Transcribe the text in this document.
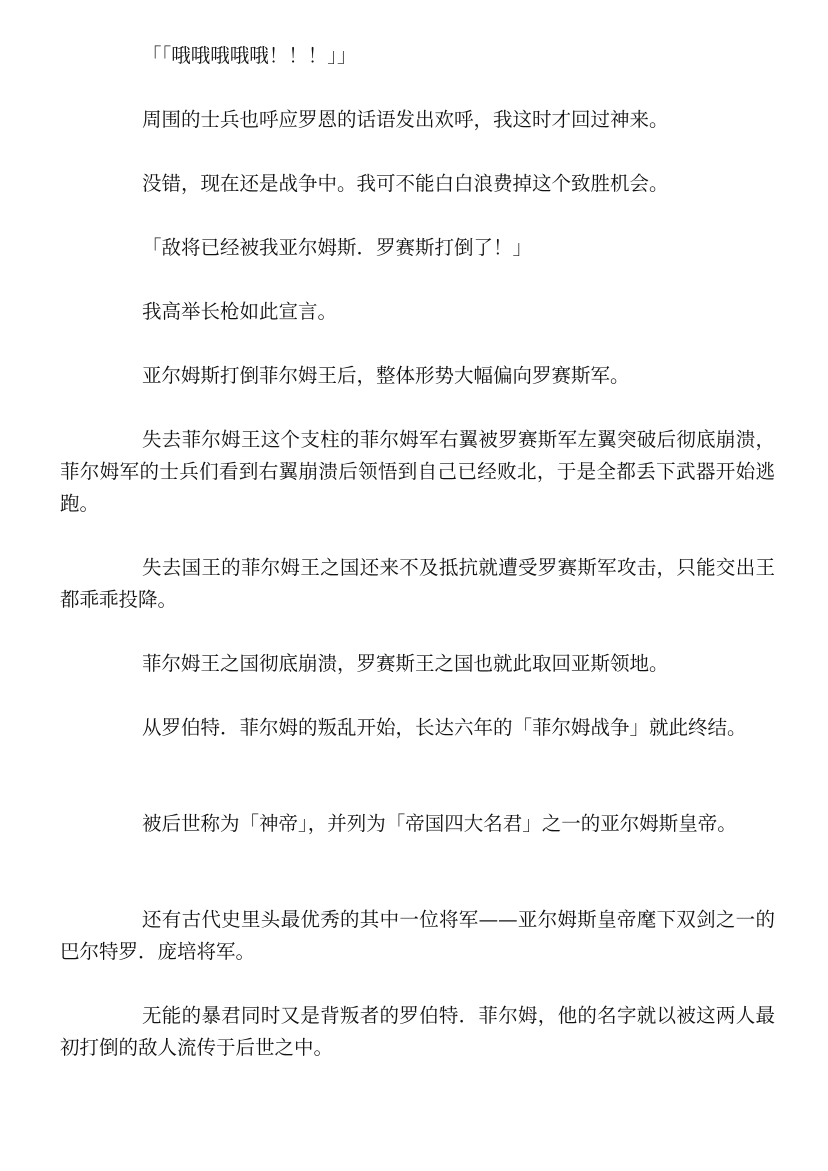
「「哦哦哦哦哦！！！」」

周围的士兵也呼应罗恩的话语发出欢呼，我这时才回过神来。

没错，现在还是战争中。我可不能白白浪费掉这个致胜机会。

「敌将已经被我亚尔姆斯．罗赛斯打倒了！」

我高举长枪如此宣言。

亚尔姆斯打倒菲尔姆王后，整体形势大幅偏向罗赛斯军。

失去菲尔姆王这个支柱的菲尔姆军右翼被罗赛斯军左翼突破后彻底崩溃，菲尔姆军的士兵们看到右翼崩溃后领悟到自己已经败北，于是全都丢下武器开始逃跑。

失去国王的菲尔姆王之国还来不及抵抗就遭受罗赛斯军攻击，只能交出王都乖乖投降。

菲尔姆王之国彻底崩溃，罗赛斯王之国也就此取回亚斯领地。

从罗伯特．菲尔姆的叛乱开始，长达六年的「菲尔姆战争」就此终结。

被后世称为「神帝」，并列为「帝国四大名君」之一的亚尔姆斯皇帝。

还有古代史里头最优秀的其中一位将军——亚尔姆斯皇帝麾下双剑之一的巴尔特罗．庞培将军。

无能的暴君同时又是背叛者的罗伯特．菲尔姆，他的名字就以被这两人最初打倒的敌人流传于后世之中。
